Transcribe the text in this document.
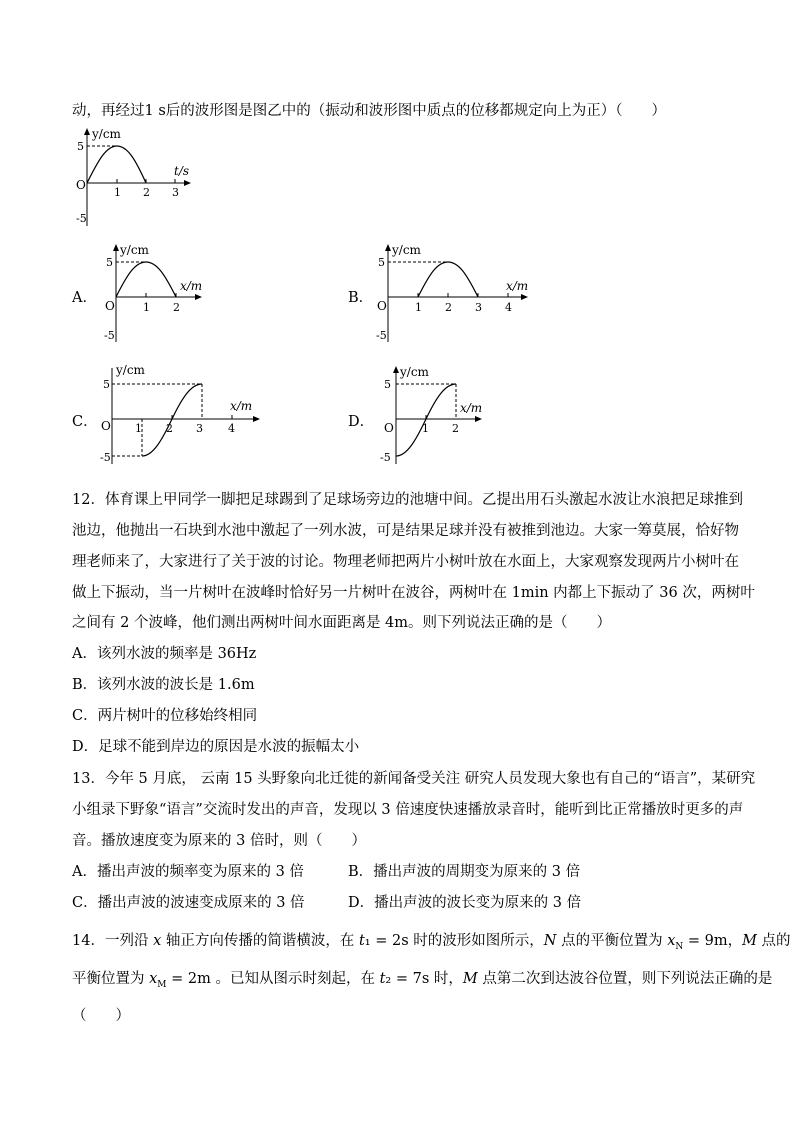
动，再经过1 s后的波形图是图乙中的（振动和波形图中质点的位移都规定向上为正）（　　）
y/cm
t/s
5
-5
O
1 2 3
A．
y/cm
x/m
5
-5
O	1 2
B．
y/cm
x/m
5
-5
O	1 2 3 4
C．
y/cm
x/m
5
-5
O 1 2 3 4	D．
y/cm
x/m
5
-5
O	1 2
12．体育课上甲同学一脚把足球踢到了足球场旁边的池塘中间。乙提出用石头激起水波让水浪把足球推到
池边，他抛出一石块到水池中激起了一列水波，可是结果足球并没有被推到池边。大家一筹莫展，恰好物
理老师来了，大家进行了关于波的讨论。物理老师把两片小树叶放在水面上，大家观察发现两片小树叶在
做上下振动，当一片树叶在波峰时恰好另一片树叶在波谷，两树叶在 1min 内都上下振动了 36 次，两树叶
之间有 2 个波峰，他们测出两树叶间水面距离是 4m。则下列说法正确的是（　　）
A．该列水波的频率是 36Hz
B．该列水波的波长是 1.6m
C．两片树叶的位移始终相同
D．足球不能到岸边的原因是水波的振幅太小
13．今年 5 月底， 云南 15 头野象向北迁徙的新闻备受关注 研究人员发现大象也有自己的“语言”，某研究
小组录下野象“语言”交流时发出的声音，发现以 3 倍速度快速播放录音时，能听到比正常播放时更多的声
音。播放速度变为原来的 3 倍时，则（　　）
A．播出声波的频率变为原来的 3 倍	B．播出声波的周期变为原来的 3 倍
C．播出声波的波速变成原来的 3 倍	D．播出声波的波长变为原来的 3 倍
14．一列沿 x 轴正方向传播的简谐横波，在 t₁ = 2s 时的波形如图所示，N 点的平衡位置为 $x_N = 9m$，M 点的
平衡位置为 $x_M = 2m$ 。已知从图示时刻起，在 t₂ = 7s 时，M 点第二次到达波谷位置，则下列说法正确的是
（　　）
